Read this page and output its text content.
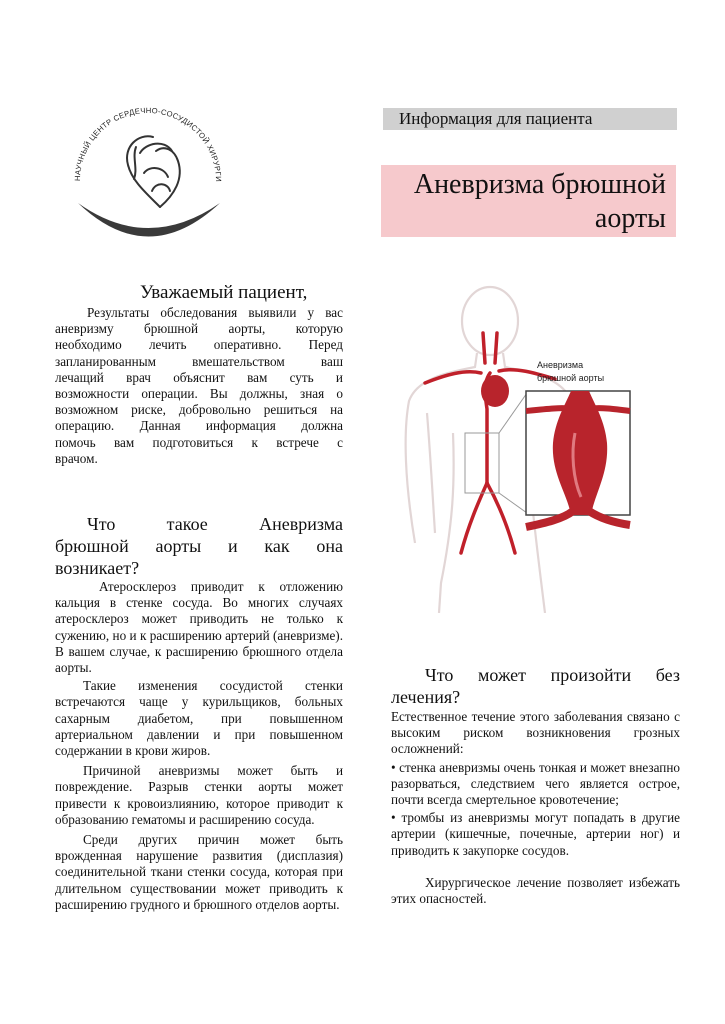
НАУЧНЫЙ ЦЕНТР СЕРДЕЧНО-СОСУДИСТОЙ ХИРУРГИ
Информация для пациента
Аневризма брюшной
аорты
Уважаемый пациент,
Результаты обследования выявили у вас
аневризму брюшной аорты, которую
необходимо лечить оперативно. Перед
запланированным вмешательством ваш
лечащий врач объяснит вам суть и
возможности операции. Вы должны, зная о
возможном риске, добровольно решиться на
операцию. Данная информация должна
помочь вам подготовиться к встрече с
врачом.
Что такое Аневризма
брюшной аорты и как она
возникает?

Атеросклероз приводит к отложению кальция в стенке сосуда. Во многих случаях атеросклероз может приводить не только к сужению, но и к расширению артерий (аневризме). В вашем случае, к расширению брюшного отдела аорты.

Такие изменения сосудистой стенки встречаются чаще у курильщиков, больных сахарным диабетом, при повышенном артериальном давлении и при повышенном содержании в крови жиров.

Причиной аневризмы может быть и повреждение. Разрыв стенки аорты может привести к кровоизлиянию, которое приводит к образованию гематомы и расширению сосуда.

Среди других причин может быть врожденная нарушение развития (дисплазия) соединительной ткани стенки сосуда, которая при длительном существовании может приводить к расширению грудного и брюшного отделов аорты.

Аневризма
брюшной аорты
Что может произойти без
лечения?

Естественное течение этого заболевания связано с высоким риском возникновения грозных осложнений:

• стенка аневризмы очень тонкая и может внезапно разорваться, следствием чего является острое, почти всегда смертельное кровотечение;

• тромбы из аневризмы могут попадать в другие артерии (кишечные, почечные, артерии ног) и приводить к закупорке сосудов.

Хирургическое лечение позволяет избежать этих опасностей.
